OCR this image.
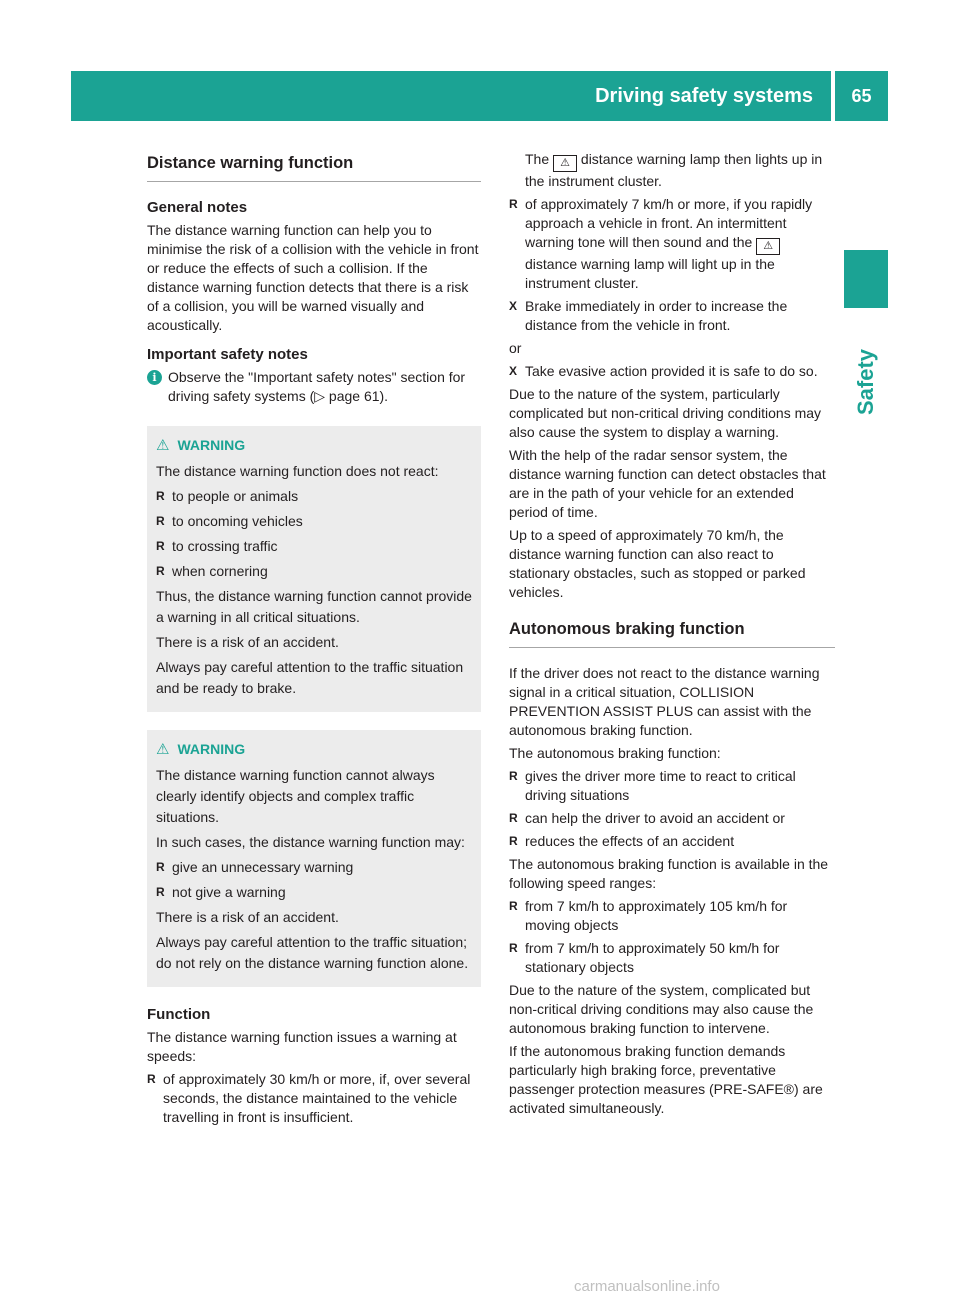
Driving safety systems	65
Safety
Distance warning function
General notes

The distance warning function can help you to minimise the risk of a collision with the vehicle in front or reduce the effects of such a collision. If the distance warning function detects that there is a risk of a collision, you will be warned visually and acoustically.

Important safety notes
i Observe the "Important safety notes" section for driving safety systems (▷ page 61).
⚠ WARNING

The distance warning function does not react:

R to people or animals
R to oncoming vehicles
R to crossing traffic
R when cornering

Thus, the distance warning function cannot provide a warning in all critical situations.

There is a risk of an accident.

Always pay careful attention to the traffic situation and be ready to brake.

⚠ WARNING

The distance warning function cannot always clearly identify objects and complex traffic situations.

In such cases, the distance warning function may:

R give an unnecessary warning
R not give a warning

There is a risk of an accident.

Always pay careful attention to the traffic situation; do not rely on the distance warning function alone.

Function

The distance warning function issues a warning at speeds:

R of approximately 30 km/h or more, if, over several seconds, the distance maintained to the vehicle travelling in front is insufficient.

The ⚠ distance warning lamp then lights up in the instrument cluster.

R of approximately 7 km/h or more, if you rapidly approach a vehicle in front. An intermittent warning tone will then sound and the ⚠ distance warning lamp will light up in the instrument cluster.
X Brake immediately in order to increase the distance from the vehicle in front.

or

X Take evasive action provided it is safe to do so.

Due to the nature of the system, particularly complicated but non-critical driving conditions may also cause the system to display a warning.

With the help of the radar sensor system, the distance warning function can detect obstacles that are in the path of your vehicle for an extended period of time.

Up to a speed of approximately 70 km/h, the distance warning function can also react to stationary obstacles, such as stopped or parked vehicles.

Autonomous braking function

If the driver does not react to the distance warning signal in a critical situation, COLLISION PREVENTION ASSIST PLUS can assist with the autonomous braking function.

The autonomous braking function:

R gives the driver more time to react to critical driving situations
R can help the driver to avoid an accident or
R reduces the effects of an accident

The autonomous braking function is available in the following speed ranges:

R from 7 km/h to approximately 105 km/h for moving objects
R from 7 km/h to approximately 50 km/h for stationary objects

Due to the nature of the system, complicated but non-critical driving conditions may also cause the autonomous braking function to intervene.

If the autonomous braking function demands particularly high braking force, preventative passenger protection measures (PRE-SAFE®) are activated simultaneously.

carmanualsonline.info
